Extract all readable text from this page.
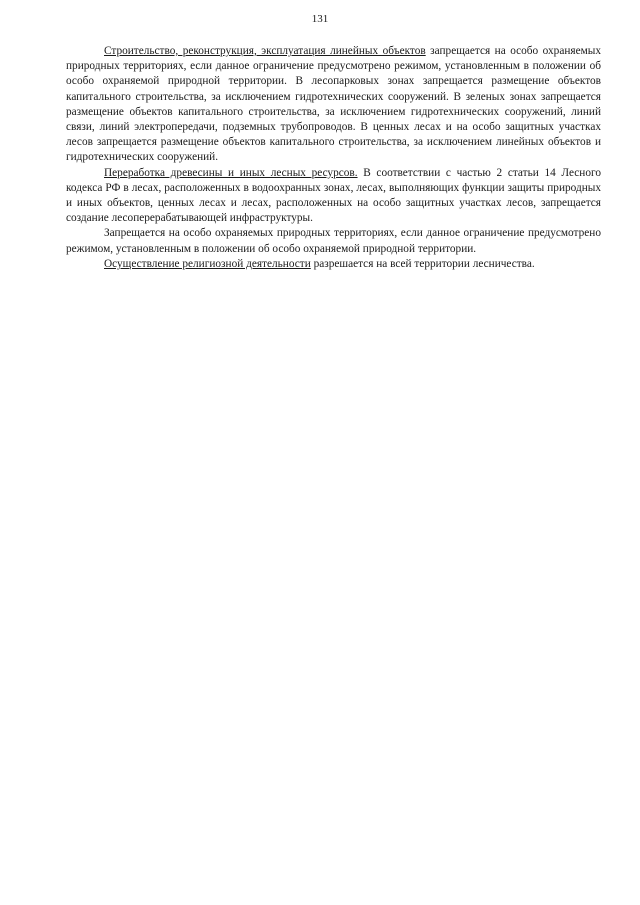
131

Строительство, реконструкция, эксплуатация линейных объектов запрещается на особо охраняемых природных территориях, если данное ограничение предусмотрено режимом, установленным в положении об особо охраняемой природной территории. В лесопарковых зонах запрещается размещение объектов капитального строительства, за исключением гидротехнических сооружений. В зеленых зонах запрещается размещение объектов капитального строительства, за исключением гидротехнических сооружений, линий связи, линий электропередачи, подземных трубопроводов. В ценных лесах и на особо защитных участках лесов запрещается размещение объектов капитального строительства, за исключением линейных объектов и гидротехнических сооружений.

Переработка древесины и иных лесных ресурсов. В соответствии с частью 2 статьи 14 Лесного кодекса РФ в лесах, расположенных в водоохранных зонах, лесах, выполняющих функции защиты природных и иных объектов, ценных лесах и лесах, расположенных на особо защитных участках лесов, запрещается создание лесоперерабатывающей инфраструктуры.

Запрещается на особо охраняемых природных территориях, если данное ограничение предусмотрено режимом, установленным в положении об особо охраняемой природной территории.

Осуществление религиозной деятельности разрешается на всей территории лесничества.
